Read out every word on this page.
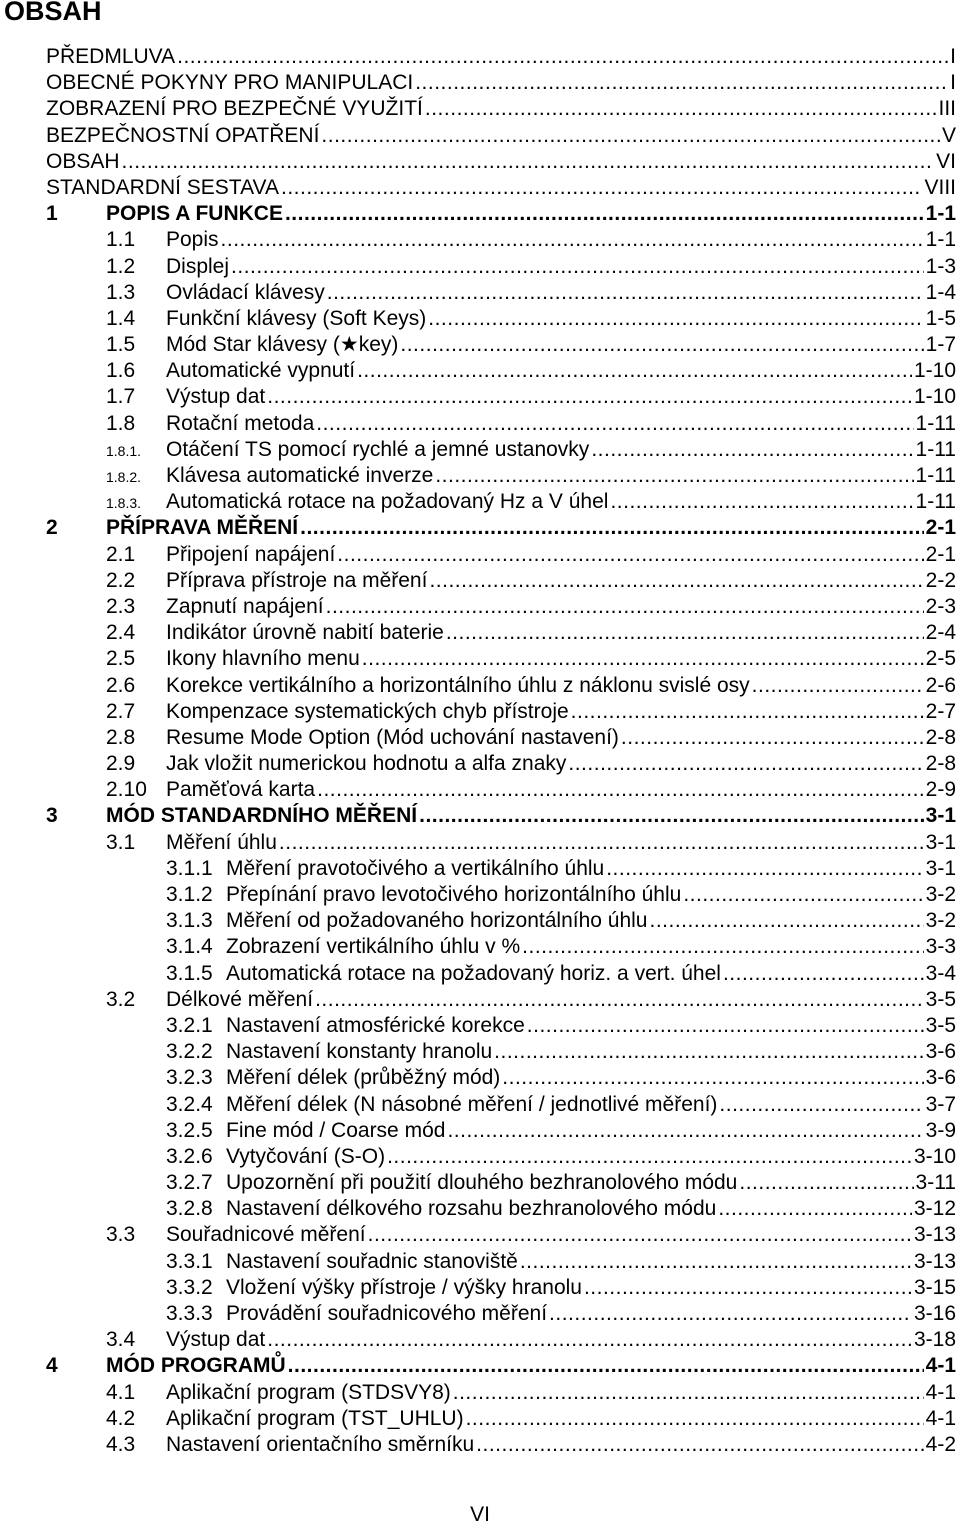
OBSAH
PŘEDMLUVA .....	I
OBECNÉ POKYNY PRO MANIPULACI .....	I
ZOBRAZENÍ PRO BEZPEČNÉ VYUŽITÍ .....	III
BEZPEČNOSTNÍ OPATŘENÍ .....	V
OBSAH .....	VI
STANDARDNÍ SESTAVA .....	VIII
1	POPIS A FUNKCE .....	1-1
1.1	Popis .....	1-1
1.2	Displej .....	1-3
1.3	Ovládací klávesy .....	1-4
1.4	Funkční klávesy (Soft Keys) .....	1-5
1.5	Mód Star klávesy (★key) .....	1-7
1.6	Automatické vypnutí .....	1-10
1.7	Výstup dat .....	1-10
1.8	Rotační metoda .....	1-11
1.8.1.	Otáčení TS pomocí rychlé a jemné ustanovky .....	1-11
1.8.2.	Klávesa automatické inverze .....	1-11
1.8.3.	Automatická rotace na požadovaný Hz a V úhel .....	1-11
2	PŘÍPRAVA MĚŘENÍ .....	2-1
2.1	Připojení napájení .....	2-1
2.2	Příprava přístroje na měření .....	2-2
2.3	Zapnutí napájení .....	2-3
2.4	Indikátor úrovně nabití baterie .....	2-4
2.5	Ikony hlavního menu .....	2-5
2.6	Korekce vertikálního a horizontálního úhlu z náklonu svislé osy .....	2-6
2.7	Kompenzace systematických chyb přístroje .....	2-7
2.8	Resume Mode Option (Mód uchování nastavení) .....	2-8
2.9	Jak vložit numerickou hodnotu a alfa znaky .....	2-8
2.10 Paměťová karta .....	2-9
3	MÓD STANDARDNÍHO MĚŘENÍ .....	3-1
3.1	Měření úhlu .....	3-1
3.1.1 Měření pravotočivého a vertikálního úhlu .....	3-1
3.1.2 Přepínání pravo levotočivého horizontálního úhlu .....	3-2
3.1.3 Měření od požadovaného horizontálního úhlu .....	3-2
3.1.4 Zobrazení vertikálního úhlu v % .....	3-3
3.1.5 Automatická rotace na požadovaný horiz. a vert. úhel .....	3-4
3.2	Délkové měření .....	3-5
3.2.1 Nastavení atmosférické korekce .....	3-5
3.2.2 Nastavení konstanty hranolu .....	3-6
3.2.3 Měření délek (průběžný mód) .....	3-6
3.2.4 Měření délek (N násobné měření / jednotlivé měření) .....	3-7
3.2.5 Fine mód / Coarse mód .....	3-9
3.2.6 Vytyčování (S-O) .....	3-10
3.2.7 Upozornění při použití dlouhého bezhranolového módu .....	3-11
3.2.8 Nastavení délkového rozsahu bezhranolového módu .....	3-12
3.3	Souřadnicové měření .....	3-13
3.3.1 Nastavení souřadnic stanoviště .....	3-13
3.3.2 Vložení výšky přístroje / výšky hranolu .....	3-15
3.3.3 Provádění souřadnicového měření .....	3-16
3.4	Výstup dat .....	3-18
4	MÓD PROGRAMŮ .....	4-1
4.1	Aplikační program (STDSVY8) .....	4-1
4.2	Aplikační program (TST_UHLU) .....	4-1
4.3	Nastavení orientačního směrníku .....	4-2
VI
